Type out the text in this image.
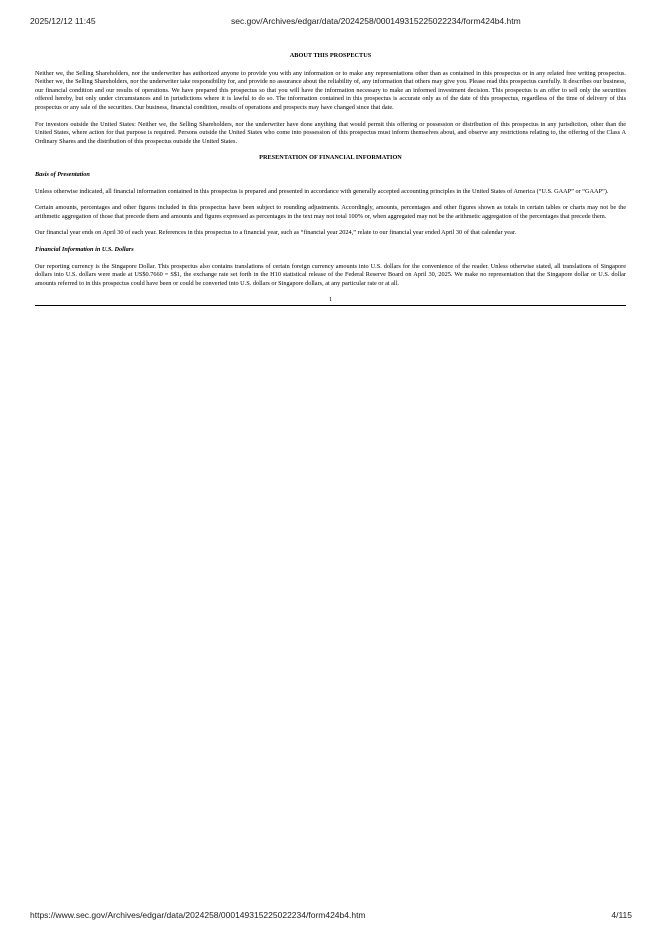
2025/12/12 11:45	sec.gov/Archives/edgar/data/2024258/000149315225022234/form424b4.htm
ABOUT THIS PROSPECTUS

Neither we, the Selling Shareholders, nor the underwriter has authorized anyone to provide you with any information or to make any representations other than as contained in this prospectus or in any related free writing prospectus. Neither we, the Selling Shareholders, nor the underwriter take responsibility for, and provide no assurance about the reliability of, any information that others may give you. Please read this prospectus carefully. It describes our business, our financial condition and our results of operations. We have prepared this prospectus so that you will have the information necessary to make an informed investment decision. This prospectus is an offer to sell only the securities offered hereby, but only under circumstances and in jurisdictions where it is lawful to do so. The information contained in this prospectus is accurate only as of the date of this prospectus, regardless of the time of delivery of this prospectus or any sale of the securities. Our business, financial condition, results of operations and prospects may have changed since that date.

For investors outside the United States: Neither we, the Selling Shareholders, nor the underwriter have done anything that would permit this offering or possession or distribution of this prospectus in any jurisdiction, other than the United States, where action for that purpose is required. Persons outside the United States who come into possession of this prospectus must inform themselves about, and observe any restrictions relating to, the offering of the Class A Ordinary Shares and the distribution of this prospectus outside the United States.

PRESENTATION OF FINANCIAL INFORMATION
Basis of Presentation

Unless otherwise indicated, all financial information contained in this prospectus is prepared and presented in accordance with generally accepted accounting principles in the United States of America (“U.S. GAAP” or “GAAP”).

Certain amounts, percentages and other figures included in this prospectus have been subject to rounding adjustments. Accordingly, amounts, percentages and other figures shown as totals in certain tables or charts may not be the arithmetic aggregation of those that precede them and amounts and figures expressed as percentages in the text may not total 100% or, when aggregated may not be the arithmetic aggregation of the percentages that precede them.

Our financial year ends on April 30 of each year. References in this prospectus to a financial year, such as “financial year 2024,” relate to our financial year ended April 30 of that calendar year.

Financial Information in U.S. Dollars

Our reporting currency is the Singapore Dollar. This prospectus also contains translations of certain foreign currency amounts into U.S. dollars for the convenience of the reader. Unless otherwise stated, all translations of Singapore dollars into U.S. dollars were made at US$0.7660 = S$1, the exchange rate set forth in the H10 statistical release of the Federal Reserve Board on April 30, 2025. We make no representation that the Singapore dollar or U.S. dollar amounts referred to in this prospectus could have been or could be converted into U.S. dollars or Singapore dollars, at any particular rate or at all.

1
https://www.sec.gov/Archives/edgar/data/2024258/000149315225022234/form424b4.htm	4/115
